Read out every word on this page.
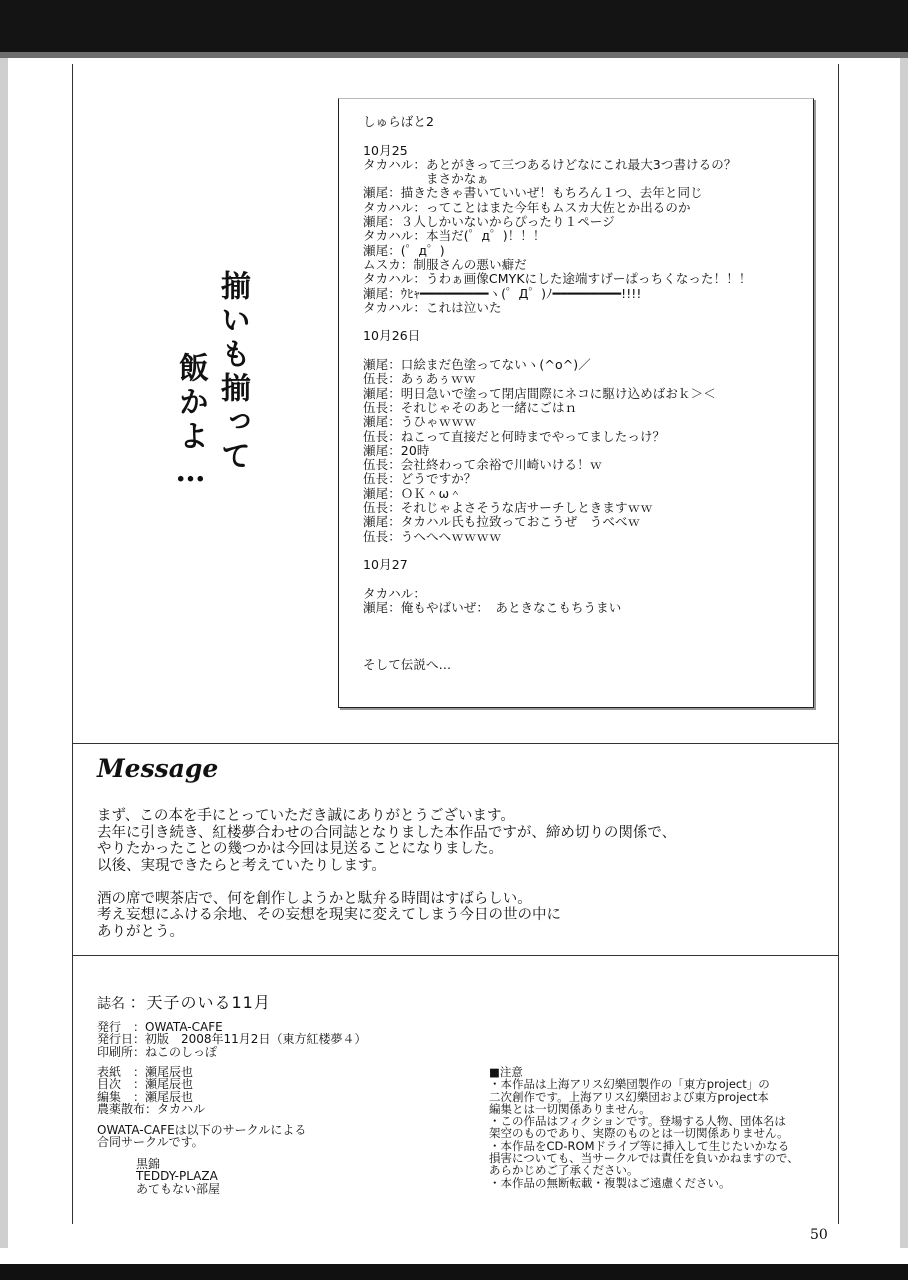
揃いも揃って
飯かよ…
しゅらばと2
10月25
タカハル：あとがきって三つあるけどなにこれ最大3つ書けるの？
　　　　　まさかなぁ
瀬尾：描きたきゃ書いていいぜ！もちろん１つ、去年と同じ
タカハル：ってことはまた今年もムスカ大佐とか出るのか
瀬尾：３人しかいないからぴったり１ページ
タカハル：本当だ(゜д゜)！！！
瀬尾：(゜д゜)
ムスカ：制服さんの悪い癖だ
タカハル：うわぁ画像CMYKにした途端すげーぱっちくなった！！！
瀬尾：ｳﾋｬ━━━━━━━━━ヽ(゜Д゜)ﾉ━━━━━━━━━!!!!
タカハル：これは泣いた
10月26日
瀬尾：口絵まだ色塗ってないヽ(^o^)／
伍長：あぅあぅｗｗ
瀬尾：明日急いで塗って閉店間際にネコに駆け込めばおｋ＞＜
伍長：それじゃそのあと一緒にごはｎ
瀬尾：うひゃｗｗｗ
伍長：ねこって直接だと何時までやってましたっけ？
瀬尾：20時
伍長：会社終わって余裕で川崎いける！ｗ
伍長：どうですか？
瀬尾：ＯＫ＾ω＾
伍長：それじゃよさそうな店サーチしときますｗｗ
瀬尾：タカハル氏も拉致っておこうぜ　うべべｗ
伍長：うへへへｗｗｗｗ
10月27
タカハル：
瀬尾：俺もやばいぜ：　あときなこもちうまい
そして伝説へ…
Message
まず、この本を手にとっていただき誠にありがとうございます。
去年に引き続き、紅楼夢合わせの合同誌となりました本作品ですが、締め切りの関係で、
やりたかったことの幾つかは今回は見送ることになりました。
以後、実現できたらと考えていたりします。
酒の席で喫茶店で、何を創作しようかと駄弁る時間はすばらしい。
考え妄想にふける余地、その妄想を現実に変えてしまう今日の世の中に
ありがとう。
誌名 ：天子のいる11月
発行　：OWATA-CAFE
発行日：初版　2008年11月2日（東方紅楼夢４）
印刷所：ねこのしっぽ
表紙　：瀬尾辰也
目次　：瀬尾辰也
編集　：瀬尾辰也
農薬散布：タカハル
OWATA-CAFEは以下のサークルによる
合同サークルです。
黒錦
TEDDY-PLAZA
あてもない部屋
■注意
・本作品は上海アリス幻樂団製作の「東方project」の
二次創作です。上海アリス幻樂団および東方project本
編集とは一切関係ありません。
・この作品はフィクションです。登場する人物、団体名は
架空のものであり、実際のものとは一切関係ありません。
・本作品をCD-ROMドライブ等に挿入して生じたいかなる
損害についても、当サークルでは責任を負いかねますので、
あらかじめご了承ください。
・本作品の無断転載・複製はご遠慮ください。
50
